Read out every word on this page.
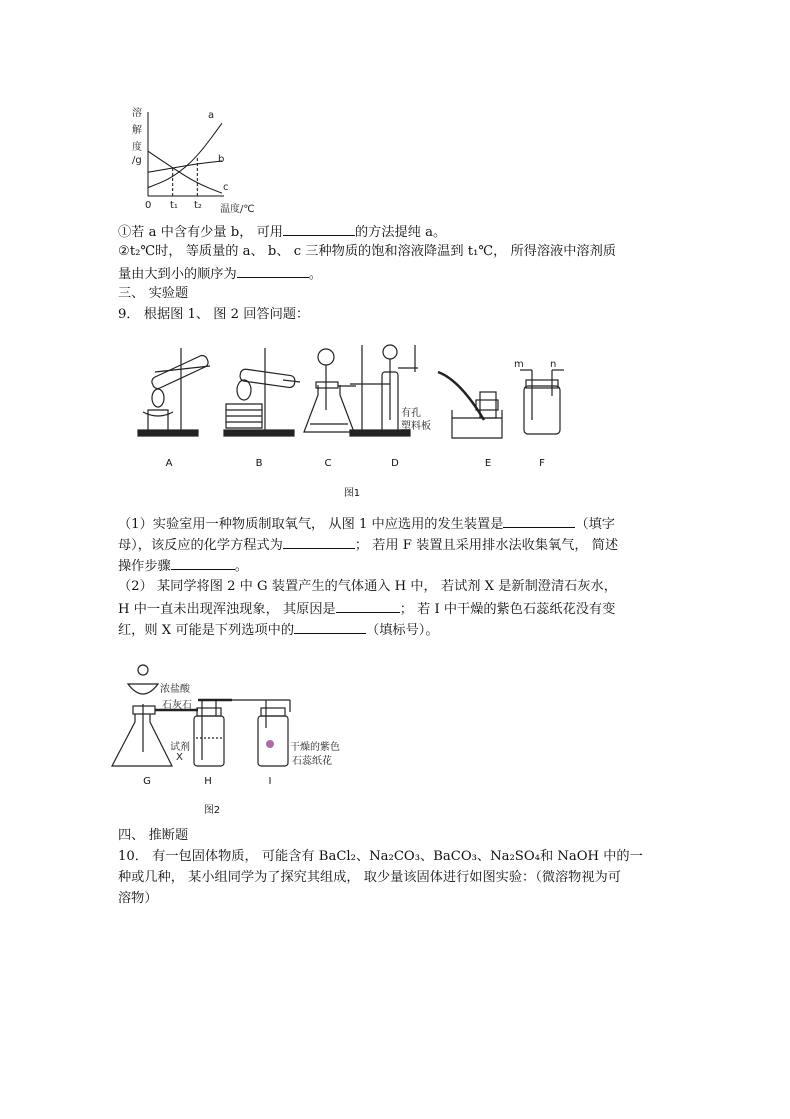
溶
解
度
/g
0 t₁ t₂ 温度/℃
a
b
c
①若 a 中含有少量 b， 可用	的方法提纯 a。
②t₂℃时， 等质量的 a、 b、 c 三种物质的饱和溶液降温到 t₁℃， 所得溶液中溶剂质
量由大到小的顺序为	。
三、 实验题
9． 根据图 1、 图 2 回答问题：
有孔
塑料板
m	n
A	B	C	D	E	F
图1
（1）实验室用一种物质制取氧气， 从图 1 中应选用的发生装置是	（填字
母），该反应的化学方程式为	； 若用 F 装置且采用排水法收集氧气， 简述
操作步骤	。
（2） 某同学将图 2 中 G 装置产生的气体通入 H 中， 若试剂 X 是新制澄清石灰水，
H 中一直未出现浑浊现象， 其原因是	； 若 I 中干燥的紫色石蕊纸花没有变
红，则 X 可能是下列选项中的	（填标号）。
浓盐酸
石灰石
试剂
X
干燥的紫色
石蕊纸花
G	H	I
图2
四、 推断题
10． 有一包固体物质， 可能含有 BaCl₂、Na₂CO₃、BaCO₃、Na₂SO₄和 NaOH 中的一
种或几种， 某小组同学为了探究其组成， 取少量该固体进行如图实验：（微溶物视为可
溶物）
